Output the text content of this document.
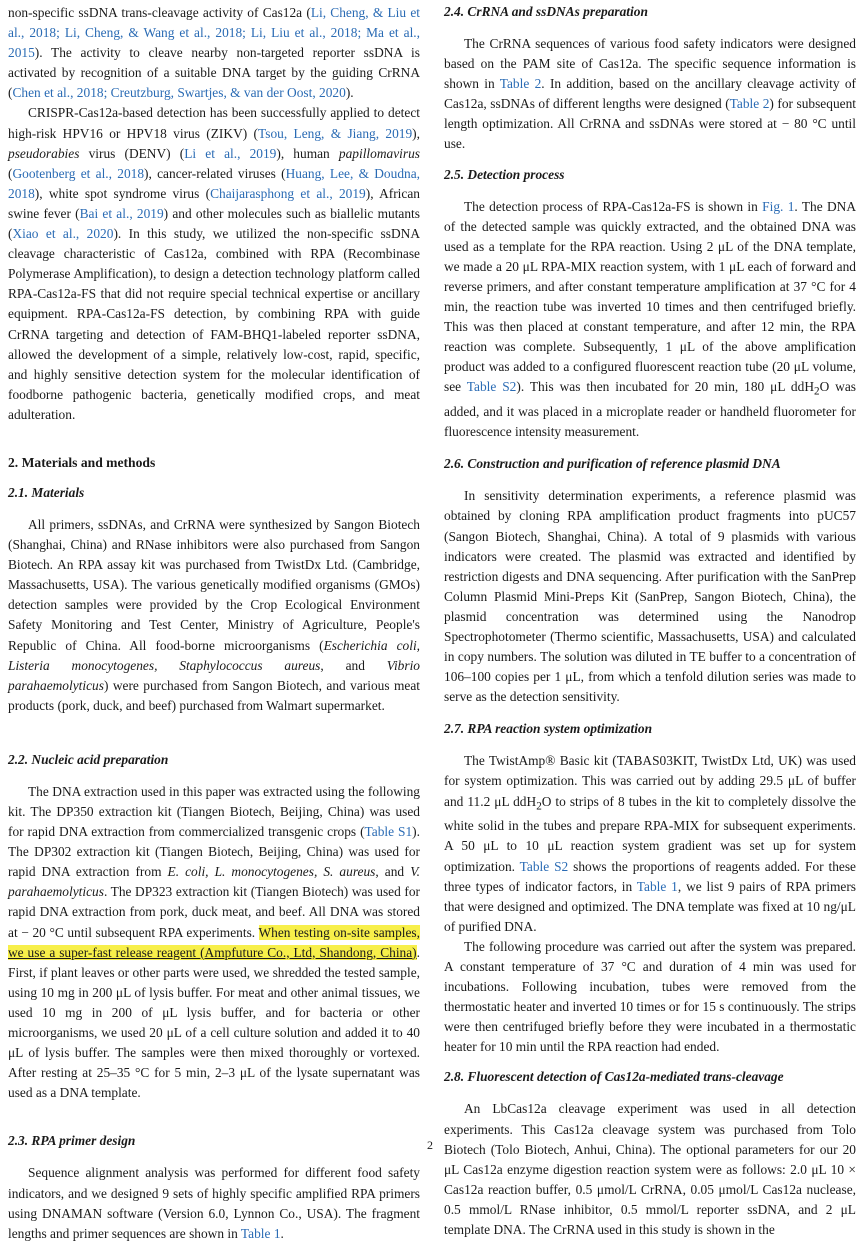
non-specific ssDNA trans-cleavage activity of Cas12a (Li, Cheng, & Liu et al., 2018; Li, Cheng, & Wang et al., 2018; Li, Liu et al., 2018; Ma et al., 2015). The activity to cleave nearby non-targeted reporter ssDNA is activated by recognition of a suitable DNA target by the guiding CrRNA (Chen et al., 2018; Creutzburg, Swartjes, & van der Oost, 2020).

CRISPR-Cas12a-based detection has been successfully applied to detect high-risk HPV16 or HPV18 virus (ZIKV) (Tsou, Leng, & Jiang, 2019), pseudorabies virus (DENV) (Li et al., 2019), human papillomavirus (Gootenberg et al., 2018), cancer-related viruses (Huang, Lee, & Doudna, 2018), white spot syndrome virus (Chaijarasphong et al., 2019), African swine fever (Bai et al., 2019) and other molecules such as biallelic mutants (Xiao et al., 2020). In this study, we utilized the non-specific ssDNA cleavage characteristic of Cas12a, combined with RPA (Recombinase Polymerase Amplification), to design a detection technology platform called RPA-Cas12a-FS that did not require special technical expertise or ancillary equipment. RPA-Cas12a-FS detection, by combining RPA with guide CrRNA targeting and detection of FAM-BHQ1-labeled reporter ssDNA, allowed the development of a simple, relatively low-cost, rapid, specific, and highly sensitive detection system for the molecular identification of foodborne pathogenic bacteria, genetically modified crops, and meat adulteration.

2. Materials and methods
2.1. Materials

All primers, ssDNAs, and CrRNA were synthesized by Sangon Biotech (Shanghai, China) and RNase inhibitors were also purchased from Sangon Biotech. An RPA assay kit was purchased from TwistDx Ltd. (Cambridge, Massachusetts, USA). The various genetically modified organisms (GMOs) detection samples were provided by the Crop Ecological Environment Safety Monitoring and Test Center, Ministry of Agriculture, People's Republic of China. All food-borne microorganisms (Escherichia coli, Listeria monocytogenes, Staphylococcus aureus, and Vibrio parahaemolyticus) were purchased from Sangon Biotech, and various meat products (pork, duck, and beef) purchased from Walmart supermarket.

2.2. Nucleic acid preparation

The DNA extraction used in this paper was extracted using the following kit. The DP350 extraction kit (Tiangen Biotech, Beijing, China) was used for rapid DNA extraction from commercialized transgenic crops (Table S1). The DP302 extraction kit (Tiangen Biotech, Beijing, China) was used for rapid DNA extraction from E. coli, L. monocytogenes, S. aureus, and V. parahaemolyticus. The DP323 extraction kit (Tiangen Biotech) was used for rapid DNA extraction from pork, duck meat, and beef. All DNA was stored at − 20 °C until subsequent RPA experiments. When testing on-site samples, we use a super-fast release reagent (Ampfuture Co., Ltd, Shandong, China). First, if plant leaves or other parts were used, we shredded the tested sample, using 10 mg in 200 μL of lysis buffer. For meat and other animal tissues, we used 10 mg in 200 of μL lysis buffer, and for bacteria or other microorganisms, we used 20 μL of a cell culture solution and added it to 40 μL of lysis buffer. The samples were then mixed thoroughly or vortexed. After resting at 25–35 °C for 5 min, 2–3 μL of the lysate supernatant was used as a DNA template.

2.3. RPA primer design

Sequence alignment analysis was performed for different food safety indicators, and we designed 9 sets of highly specific amplified RPA primers using DNAMAN software (Version 6.0, Lynnon Co., USA). The fragment lengths and primer sequences are shown in Table 1.

2.4. CrRNA and ssDNAs preparation

The CrRNA sequences of various food safety indicators were designed based on the PAM site of Cas12a. The specific sequence information is shown in Table 2. In addition, based on the ancillary cleavage activity of Cas12a, ssDNAs of different lengths were designed (Table 2) for subsequent length optimization. All CrRNA and ssDNAs were stored at − 80 °C until use.

2.5. Detection process

The detection process of RPA-Cas12a-FS is shown in Fig. 1. The DNA of the detected sample was quickly extracted, and the obtained DNA was used as a template for the RPA reaction. Using 2 μL of the DNA template, we made a 20 μL RPA-MIX reaction system, with 1 μL each of forward and reverse primers, and after constant temperature amplification at 37 °C for 4 min, the reaction tube was inverted 10 times and then centrifuged briefly. This was then placed at constant temperature, and after 12 min, the RPA reaction was complete. Subsequently, 1 μL of the above amplification product was added to a configured fluorescent reaction tube (20 μL volume, see Table S2). This was then incubated for 20 min, 180 μL ddH$_2$O was added, and it was placed in a microplate reader or handheld fluorometer for fluorescence intensity measurement.

2.6. Construction and purification of reference plasmid DNA

In sensitivity determination experiments, a reference plasmid was obtained by cloning RPA amplification product fragments into pUC57 (Sangon Biotech, Shanghai, China). A total of 9 plasmids with various indicators were created. The plasmid was extracted and identified by restriction digests and DNA sequencing. After purification with the SanPrep Column Plasmid Mini-Preps Kit (SanPrep, Sangon Biotech, China), the plasmid concentration was determined using the Nanodrop Spectrophotometer (Thermo scientific, Massachusetts, USA) and calculated in copy numbers. The solution was diluted in TE buffer to a concentration of 106–100 copies per 1 μL, from which a tenfold dilution series was made to serve as the detection sensitivity.

2.7. RPA reaction system optimization

The TwistAmp® Basic kit (TABAS03KIT, TwistDx Ltd, UK) was used for system optimization. This was carried out by adding 29.5 μL of buffer and 11.2 μL ddH$_2$O to strips of 8 tubes in the kit to completely dissolve the white solid in the tubes and prepare RPA-MIX for subsequent experiments. A 50 μL to 10 μL reaction system gradient was set up for system optimization. Table S2 shows the proportions of reagents added. For these three types of indicator factors, in Table 1, we list 9 pairs of RPA primers that were designed and optimized. The DNA template was fixed at 10 ng/μL of purified DNA.

The following procedure was carried out after the system was prepared. A constant temperature of 37 °C and duration of 4 min was used for incubations. Following incubation, tubes were removed from the thermostatic heater and inverted 10 times or for 15 s continuously. The strips were then centrifuged briefly before they were incubated in a thermostatic heater for 10 min until the RPA reaction had ended.

2.8. Fluorescent detection of Cas12a-mediated trans-cleavage

An LbCas12a cleavage experiment was used in all detection experiments. This Cas12a cleavage system was purchased from Tolo Biotech (Tolo Biotech, Anhui, China). The optional parameters for our 20 μL Cas12a enzyme digestion reaction system were as follows: 2.0 μL 10 × Cas12a reaction buffer, 0.5 μmol/L CrRNA, 0.05 μmol/L Cas12a nuclease, 0.5 mmol/L RNase inhibitor, 0.5 mmol/L reporter ssDNA, and 2 μL template DNA. The CrRNA used in this study is shown in the

2
